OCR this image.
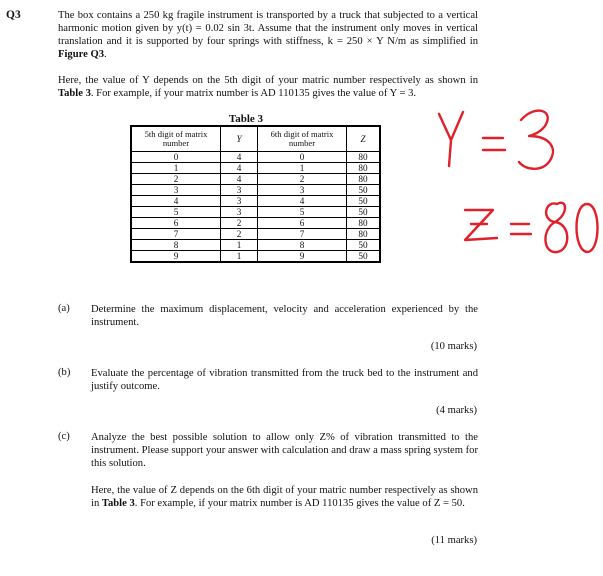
Q3	The box contains a 250 kg fragile instrument is transported by a truck that subjected to a vertical harmonic motion given by y(t) = 0.02 sin 3t. Assume that the instrument only moves in vertical translation and it is supported by four springs with stiffness, k = 250 × Y N/m as simplified in Figure Q3.
Here, the value of Y depends on the 5th digit of your matric number respectively as shown in Table 3. For example, if your matrix number is AD 110135 gives the value of Y = 3.
Table 3
5th digit of matrix number	Y	6th digit of matrix number	Z
0	4	0	80
1	4	1	80
2	4	2	80
3	3	3	50
4	3	4	50
5	3	5	50
6	2	6	80
7	2	7	80
8	1	8	50
9	1	9	50
Y = 3
(a) Determine the maximum displacement, velocity and acceleration experienced by the instrument.
(10 marks)
(b) Evaluate the percentage of vibration transmitted from the truck bed to the instrument and justify outcome.
(4 marks)
(c) Analyze the best possible solution to allow only Z% of vibration transmitted to the instrument. Please support your answer with calculation and draw a mass spring system for this solution.
Here, the value of Z depends on the 6th digit of your matric number respectively as shown in Table 3. For example, if your matrix number is AD 110135 gives the value of Z = 50.
(11 marks)
Z
